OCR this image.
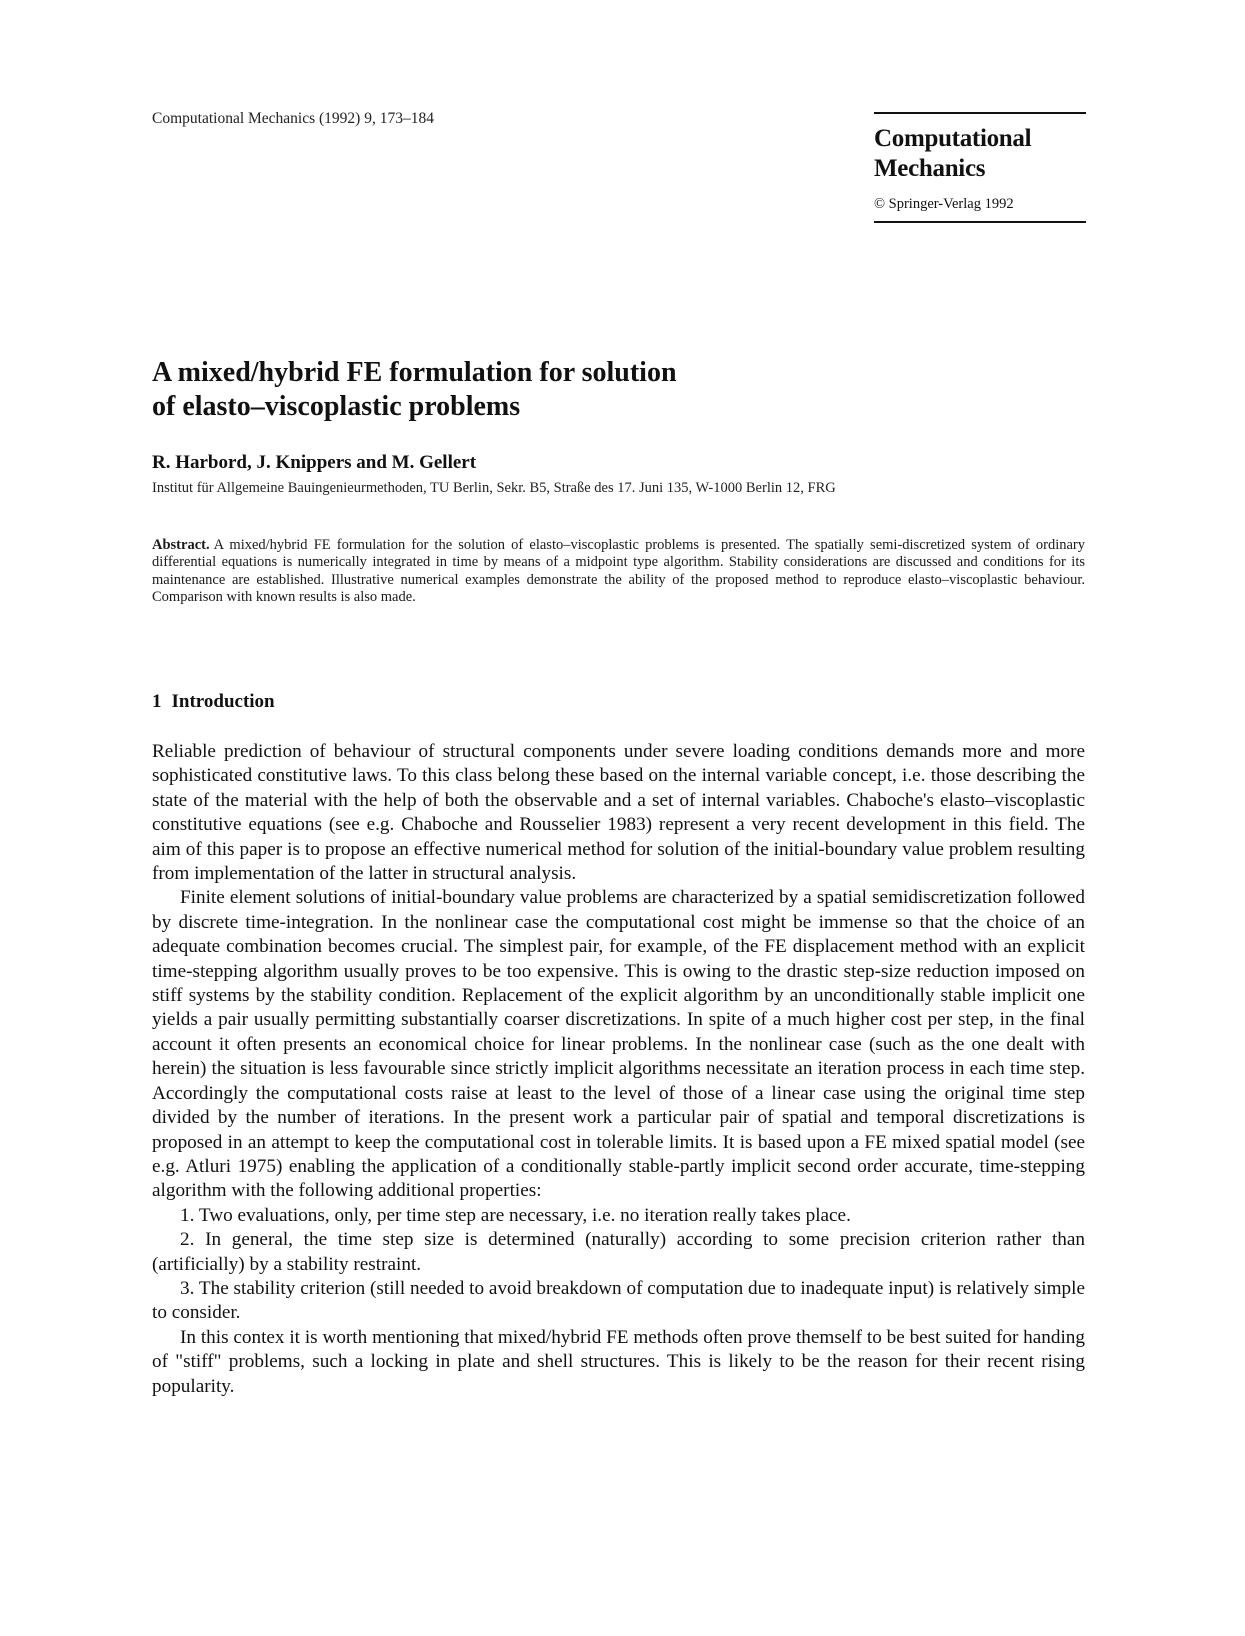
Computational Mechanics (1992) 9, 173–184
Computational
Mechanics
© Springer-Verlag 1992
A mixed/hybrid FE formulation for solution
of elasto–viscoplastic problems
R. Harbord, J. Knippers and M. Gellert
Institut für Allgemeine Bauingenieurmethoden, TU Berlin, Sekr. B5, Straße des 17. Juni 135, W-1000 Berlin 12, FRG
Abstract. A mixed/hybrid FE formulation for the solution of elasto–viscoplastic problems is presented. The spatially semi-discretized system of ordinary differential equations is numerically integrated in time by means of a midpoint type algorithm. Stability considerations are discussed and conditions for its maintenance are established. Illustrative numerical examples demonstrate the ability of the proposed method to reproduce elasto–viscoplastic behaviour. Comparison with known results is also made.
1 Introduction

Reliable prediction of behaviour of structural components under severe loading conditions demands more and more sophisticated constitutive laws. To this class belong these based on the internal variable concept, i.e. those describing the state of the material with the help of both the observable and a set of internal variables. Chaboche's elasto–viscoplastic constitutive equations (see e.g. Chaboche and Rousselier 1983) represent a very recent development in this field. The aim of this paper is to propose an effective numerical method for solution of the initial-boundary value problem resulting from implementation of the latter in structural analysis.

Finite element solutions of initial-boundary value problems are characterized by a spatial semidiscretization followed by discrete time-integration. In the nonlinear case the computational cost might be immense so that the choice of an adequate combination becomes crucial. The simplest pair, for example, of the FE displacement method with an explicit time-stepping algorithm usually proves to be too expensive. This is owing to the drastic step-size reduction imposed on stiff systems by the stability condition. Replacement of the explicit algorithm by an unconditionally stable implicit one yields a pair usually permitting substantially coarser discretizations. In spite of a much higher cost per step, in the final account it often presents an economical choice for linear problems. In the nonlinear case (such as the one dealt with herein) the situation is less favourable since strictly implicit algorithms necessitate an iteration process in each time step. Accordingly the computational costs raise at least to the level of those of a linear case using the original time step divided by the number of iterations. In the present work a particular pair of spatial and temporal discretizations is proposed in an attempt to keep the computational cost in tolerable limits. It is based upon a FE mixed spatial model (see e.g. Atluri 1975) enabling the application of a conditionally stable-partly implicit second order accurate, time-stepping algorithm with the following additional properties:

1. Two evaluations, only, per time step are necessary, i.e. no iteration really takes place.

2. In general, the time step size is determined (naturally) according to some precision criterion rather than (artificially) by a stability restraint.

3. The stability criterion (still needed to avoid breakdown of computation due to inadequate input) is relatively simple to consider.

In this contex it is worth mentioning that mixed/hybrid FE methods often prove themself to be best suited for handing of "stiff" problems, such a locking in plate and shell structures. This is likely to be the reason for their recent rising popularity.
